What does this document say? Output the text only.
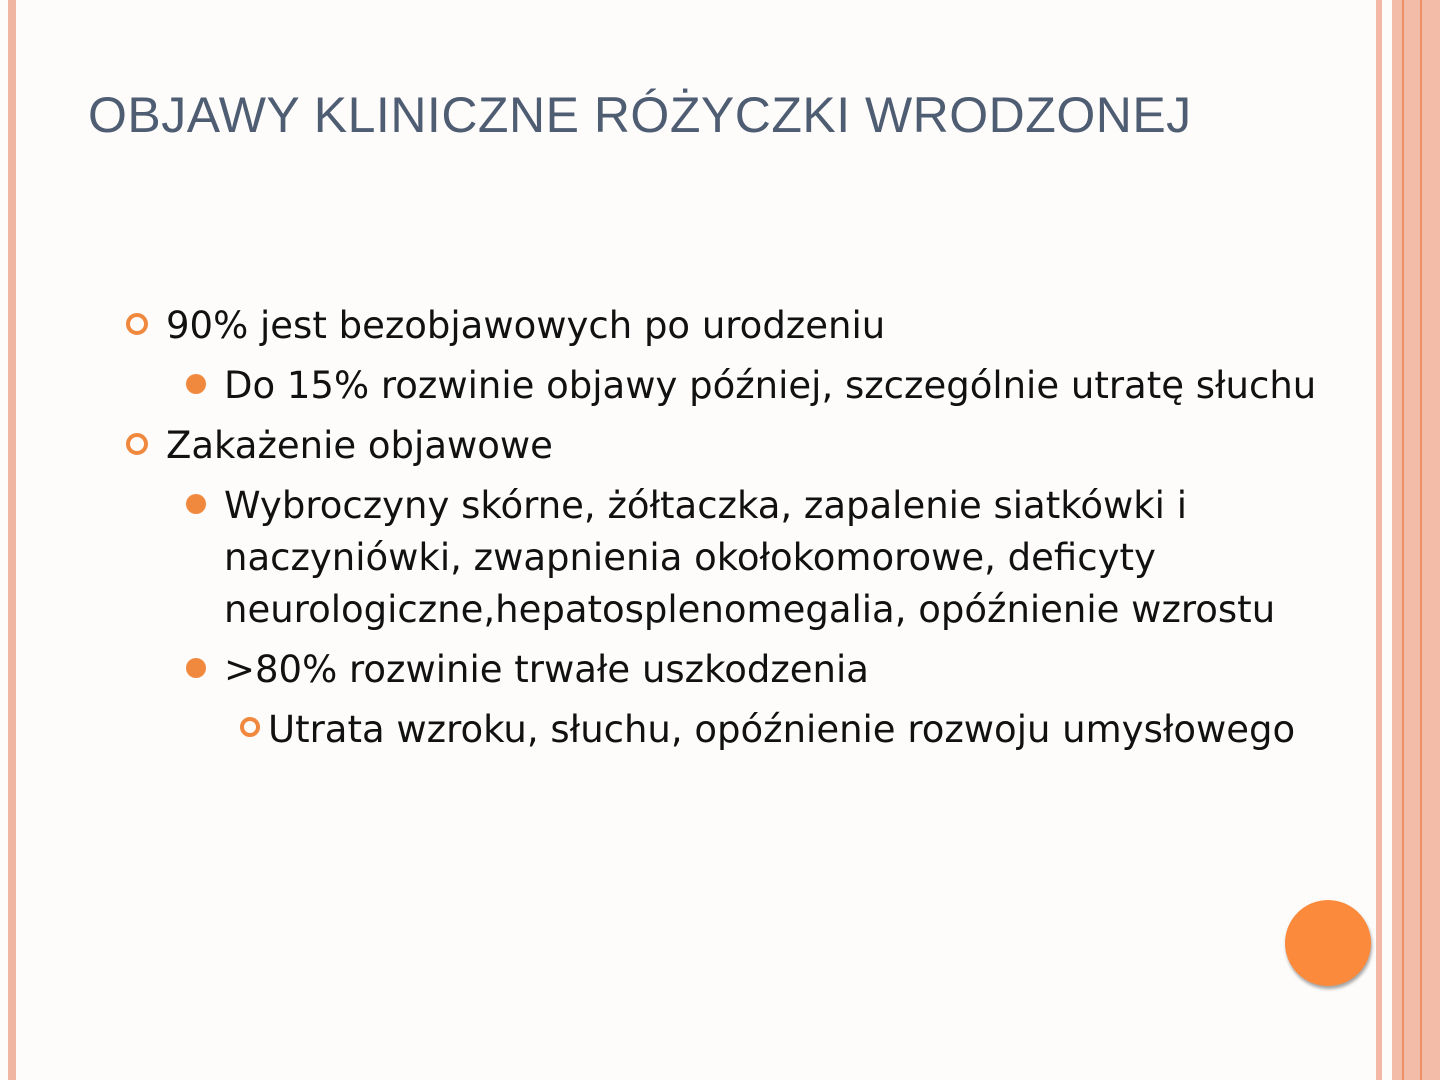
OBJAWY KLINICZNE RÓŻYCZKI WRODZONEJ
90% jest bezobjawowych po urodzeniu
Do 15% rozwinie objawy później, szczególnie utratę słuchu
Zakażenie objawowe
Wybroczyny skórne, żółtaczka, zapalenie siatkówki i naczyniówki, zwapnienia okołokomorowe, deficyty neurologiczne,hepatosplenomegalia, opóźnienie wzrostu
>80% rozwinie trwałe uszkodzenia
Utrata wzroku, słuchu, opóźnienie rozwoju umysłowego
